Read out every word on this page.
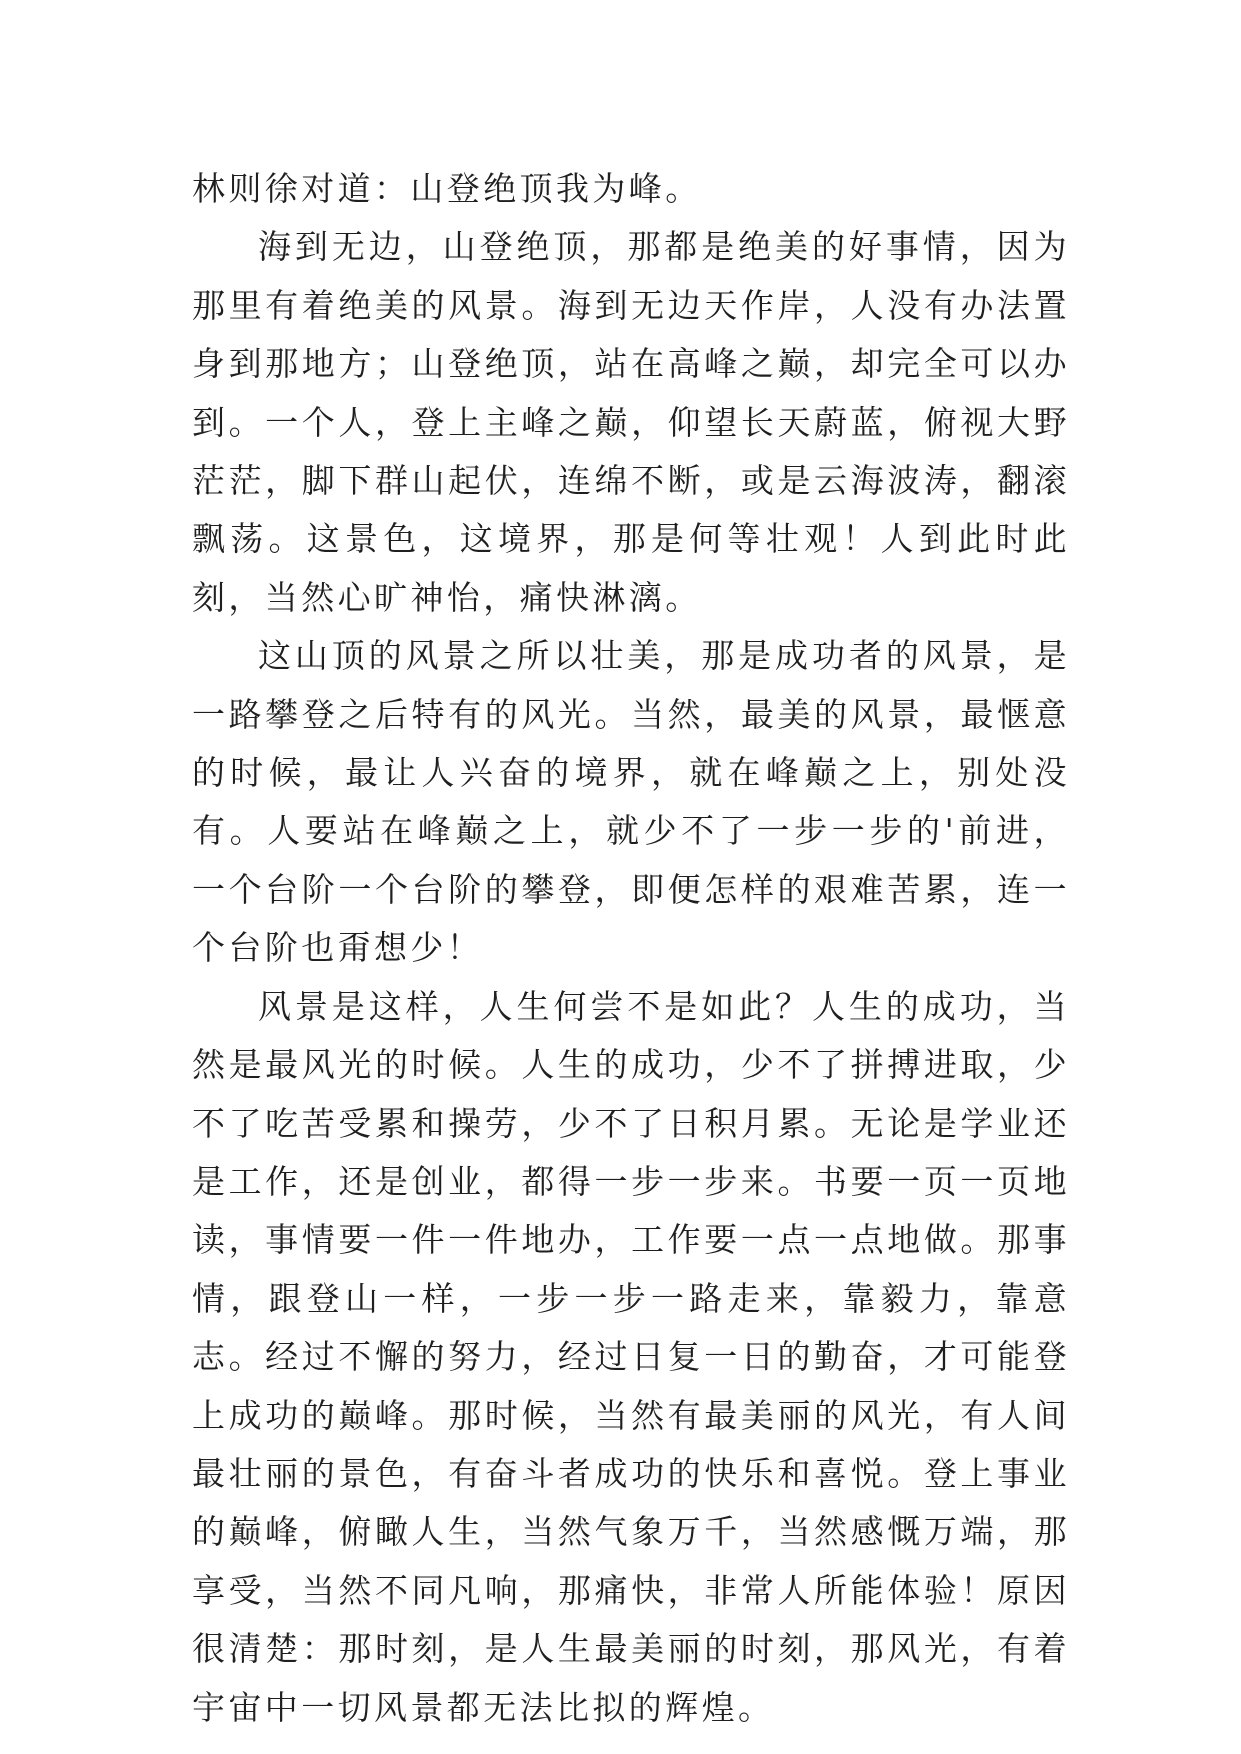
林则徐对道：山登绝顶我为峰。

海到无边，山登绝顶，那都是绝美的好事情，因为那里有着绝美的风景。海到无边天作岸，人没有办法置身到那地方；山登绝顶，站在高峰之巅，却完全可以办到。一个人，登上主峰之巅，仰望长天蔚蓝，俯视大野茫茫，脚下群山起伏，连绵不断，或是云海波涛，翻滚飘荡。这景色，这境界，那是何等壮观！人到此时此刻，当然心旷神怡，痛快淋漓。

这山顶的风景之所以壮美，那是成功者的风景，是一路攀登之后特有的风光。当然，最美的风景，最惬意的时候，最让人兴奋的境界，就在峰巅之上，别处没有。人要站在峰巅之上，就少不了一步一步的'前进，一个台阶一个台阶的攀登，即便怎样的艰难苦累，连一个台阶也甭想少！

风景是这样，人生何尝不是如此？人生的成功，当然是最风光的时候。人生的成功，少不了拼搏进取，少不了吃苦受累和操劳，少不了日积月累。无论是学业还是工作，还是创业，都得一步一步来。书要一页一页地读，事情要一件一件地办，工作要一点一点地做。那事情，跟登山一样，一步一步一路走来，靠毅力，靠意志。经过不懈的努力，经过日复一日的勤奋，才可能登上成功的巅峰。那时候，当然有最美丽的风光，有人间最壮丽的景色，有奋斗者成功的快乐和喜悦。登上事业的巅峰，俯瞰人生，当然气象万千，当然感慨万端，那享受，当然不同凡响，那痛快，非常人所能体验！原因很清楚：那时刻，是人生最美丽的时刻，那风光，有着宇宙中一切风景都无法比拟的辉煌。
